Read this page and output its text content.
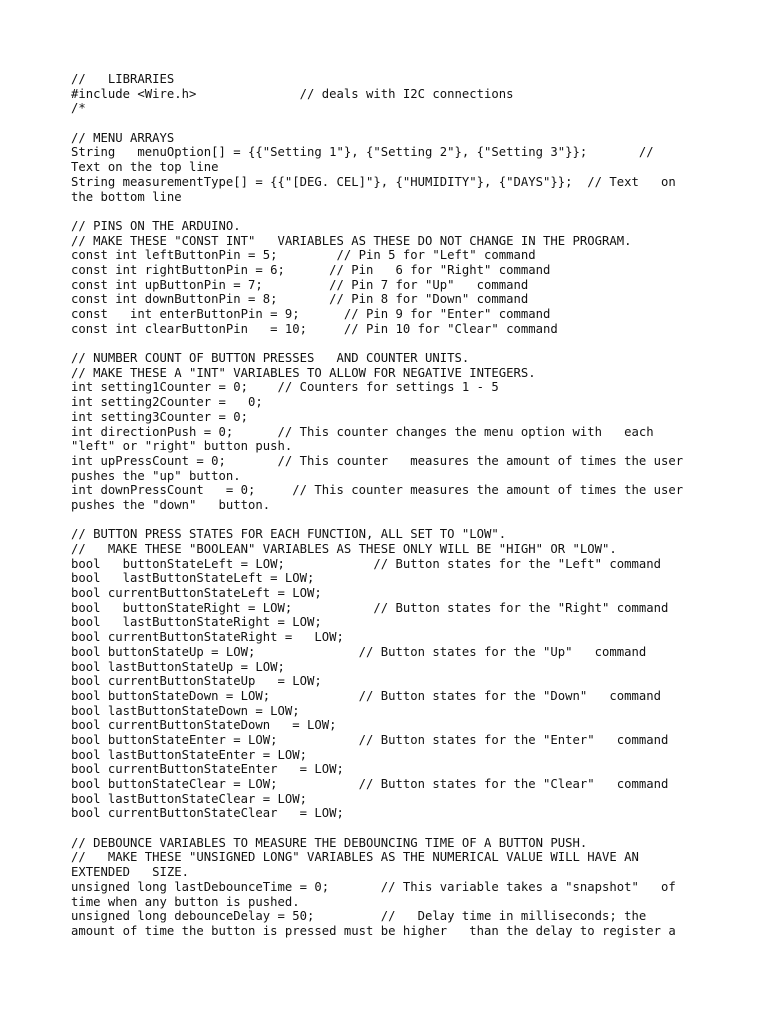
//   LIBRARIES
#include <Wire.h>              // deals with I2C connections
/*
// MENU ARRAYS
String   menuOption[] = {{"Setting 1"}, {"Setting 2"}, {"Setting 3"}};       //
Text on the top line
String measurementType[] = {{"[DEG. CEL]"}, {"HUMIDITY"}, {"DAYS"}};  // Text   on
the bottom line
// PINS ON THE ARDUINO.
// MAKE THESE "CONST INT"   VARIABLES AS THESE DO NOT CHANGE IN THE PROGRAM.
const int leftButtonPin = 5;        // Pin 5 for "Left" command
const int rightButtonPin = 6;      // Pin   6 for "Right" command
const int upButtonPin = 7;         // Pin 7 for "Up"   command
const int downButtonPin = 8;       // Pin 8 for "Down" command
const   int enterButtonPin = 9;      // Pin 9 for "Enter" command
const int clearButtonPin   = 10;     // Pin 10 for "Clear" command
// NUMBER COUNT OF BUTTON PRESSES   AND COUNTER UNITS.
// MAKE THESE A "INT" VARIABLES TO ALLOW FOR NEGATIVE INTEGERS.
int setting1Counter = 0;    // Counters for settings 1 - 5
int setting2Counter =   0;
int setting3Counter = 0;
int directionPush = 0;      // This counter changes the menu option with   each
"left" or "right" button push.
int upPressCount = 0;       // This counter   measures the amount of times the user
pushes the "up" button.
int downPressCount   = 0;     // This counter measures the amount of times the user
pushes the "down"   button.
// BUTTON PRESS STATES FOR EACH FUNCTION, ALL SET TO "LOW".
//   MAKE THESE "BOOLEAN" VARIABLES AS THESE ONLY WILL BE "HIGH" OR "LOW".
bool   buttonStateLeft = LOW;            // Button states for the "Left" command
bool   lastButtonStateLeft = LOW;
bool currentButtonStateLeft = LOW;
bool   buttonStateRight = LOW;           // Button states for the "Right" command
bool   lastButtonStateRight = LOW;
bool currentButtonStateRight =   LOW;
bool buttonStateUp = LOW;              // Button states for the "Up"   command
bool lastButtonStateUp = LOW;
bool currentButtonStateUp   = LOW;
bool buttonStateDown = LOW;            // Button states for the "Down"   command
bool lastButtonStateDown = LOW;
bool currentButtonStateDown   = LOW;
bool buttonStateEnter = LOW;           // Button states for the "Enter"   command
bool lastButtonStateEnter = LOW;
bool currentButtonStateEnter   = LOW;
bool buttonStateClear = LOW;           // Button states for the "Clear"   command
bool lastButtonStateClear = LOW;
bool currentButtonStateClear   = LOW;
// DEBOUNCE VARIABLES TO MEASURE THE DEBOUNCING TIME OF A BUTTON PUSH.
//   MAKE THESE "UNSIGNED LONG" VARIABLES AS THE NUMERICAL VALUE WILL HAVE AN
EXTENDED   SIZE.
unsigned long lastDebounceTime = 0;       // This variable takes a "snapshot"   of
time when any button is pushed.
unsigned long debounceDelay = 50;         //   Delay time in milliseconds; the
amount of time the button is pressed must be higher   than the delay to register a
